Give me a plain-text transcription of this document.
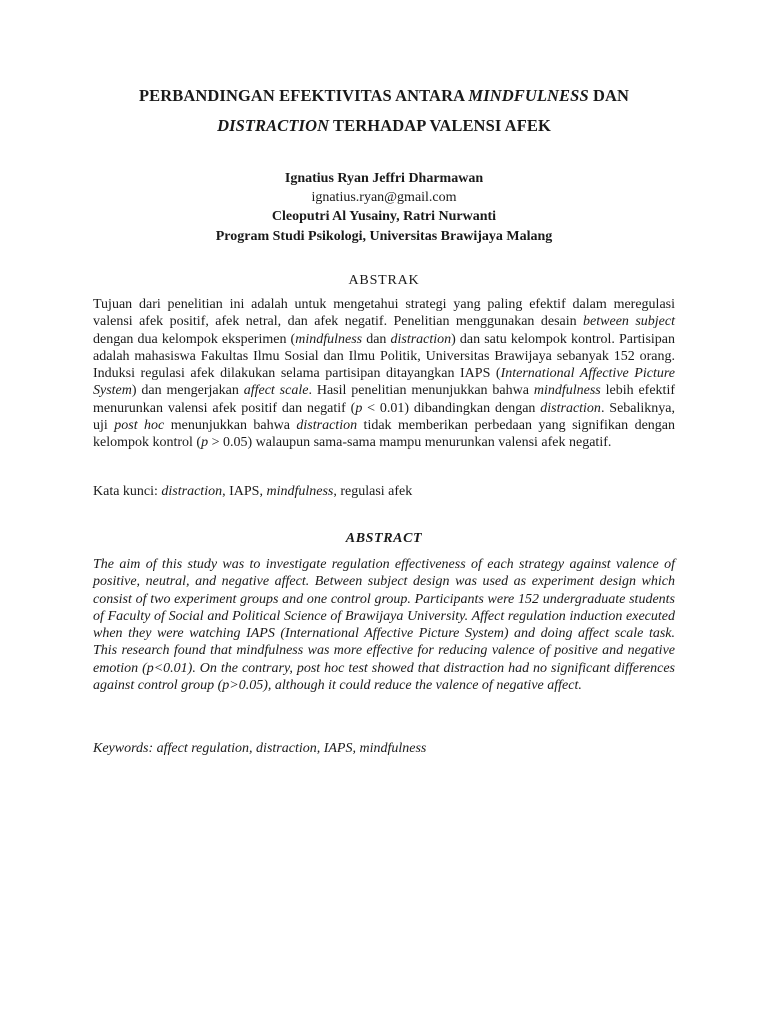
PERBANDINGAN EFEKTIVITAS ANTARA MINDFULNESS DAN
DISTRACTION TERHADAP VALENSI AFEK
Ignatius Ryan Jeffri Dharmawan
ignatius.ryan@gmail.com
Cleoputri Al Yusainy, Ratri Nurwanti
Program Studi Psikologi, Universitas Brawijaya Malang
ABSTRAK
Tujuan dari penelitian ini adalah untuk mengetahui strategi yang paling efektif dalam meregulasi valensi afek positif, afek netral, dan afek negatif. Penelitian menggunakan desain between subject dengan dua kelompok eksperimen (mindfulness dan distraction) dan satu kelompok kontrol. Partisipan adalah mahasiswa Fakultas Ilmu Sosial dan Ilmu Politik, Universitas Brawijaya sebanyak 152 orang. Induksi regulasi afek dilakukan selama partisipan ditayangkan IAPS (International Affective Picture System) dan mengerjakan affect scale. Hasil penelitian menunjukkan bahwa mindfulness lebih efektif menurunkan valensi afek positif dan negatif (p < 0.01) dibandingkan dengan distraction. Sebaliknya, uji post hoc menunjukkan bahwa distraction tidak memberikan perbedaan yang signifikan dengan kelompok kontrol (p > 0.05) walaupun sama-sama mampu menurunkan valensi afek negatif.
Kata kunci: distraction, IAPS, mindfulness, regulasi afek
ABSTRACT
The aim of this study was to investigate regulation effectiveness of each strategy against valence of positive, neutral, and negative affect. Between subject design was used as experiment design which consist of two experiment groups and one control group. Participants were 152 undergraduate students of Faculty of Social and Political Science of Brawijaya University. Affect regulation induction executed when they were watching IAPS (International Affective Picture System) and doing affect scale task. This research found that mindfulness was more effective for reducing valence of positive and negative emotion (p<0.01). On the contrary, post hoc test showed that distraction had no significant differences against control group (p>0.05), although it could reduce the valence of negative affect.
Keywords: affect regulation, distraction, IAPS, mindfulness
